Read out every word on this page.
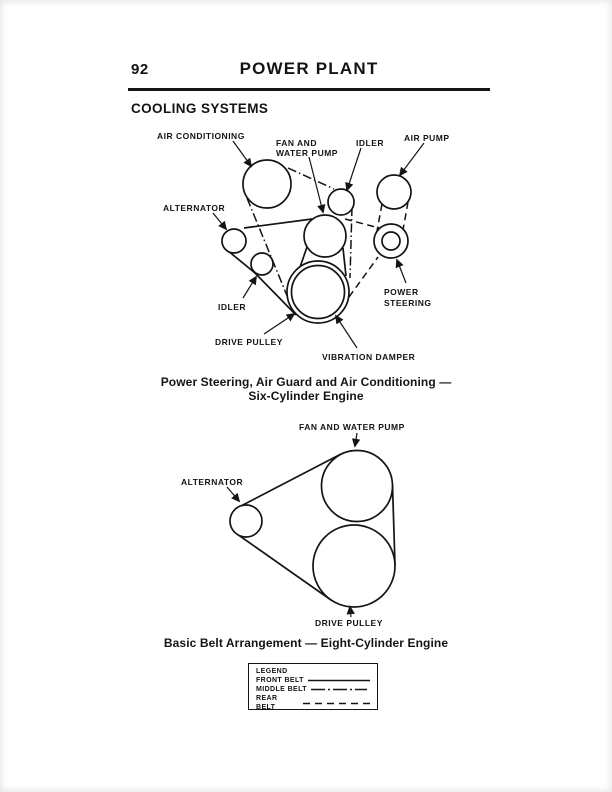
92	POWER PLANT
COOLING SYSTEMS
AIR CONDITIONING
FAN AND
WATER PUMP
IDLER AIR PUMP
ALTERNATOR
IDLER
DRIVE PULLEY
VIBRATION DAMPER
POWER
STEERING
FAN AND WATER PUMP
ALTERNATOR
DRIVE PULLEY
Power Steering, Air Guard and Air Conditioning —
Six-Cylinder Engine
Basic Belt Arrangement — Eight-Cylinder Engine
LEGEND
FRONT BELT
MIDDLE BELT
REAR BELT
